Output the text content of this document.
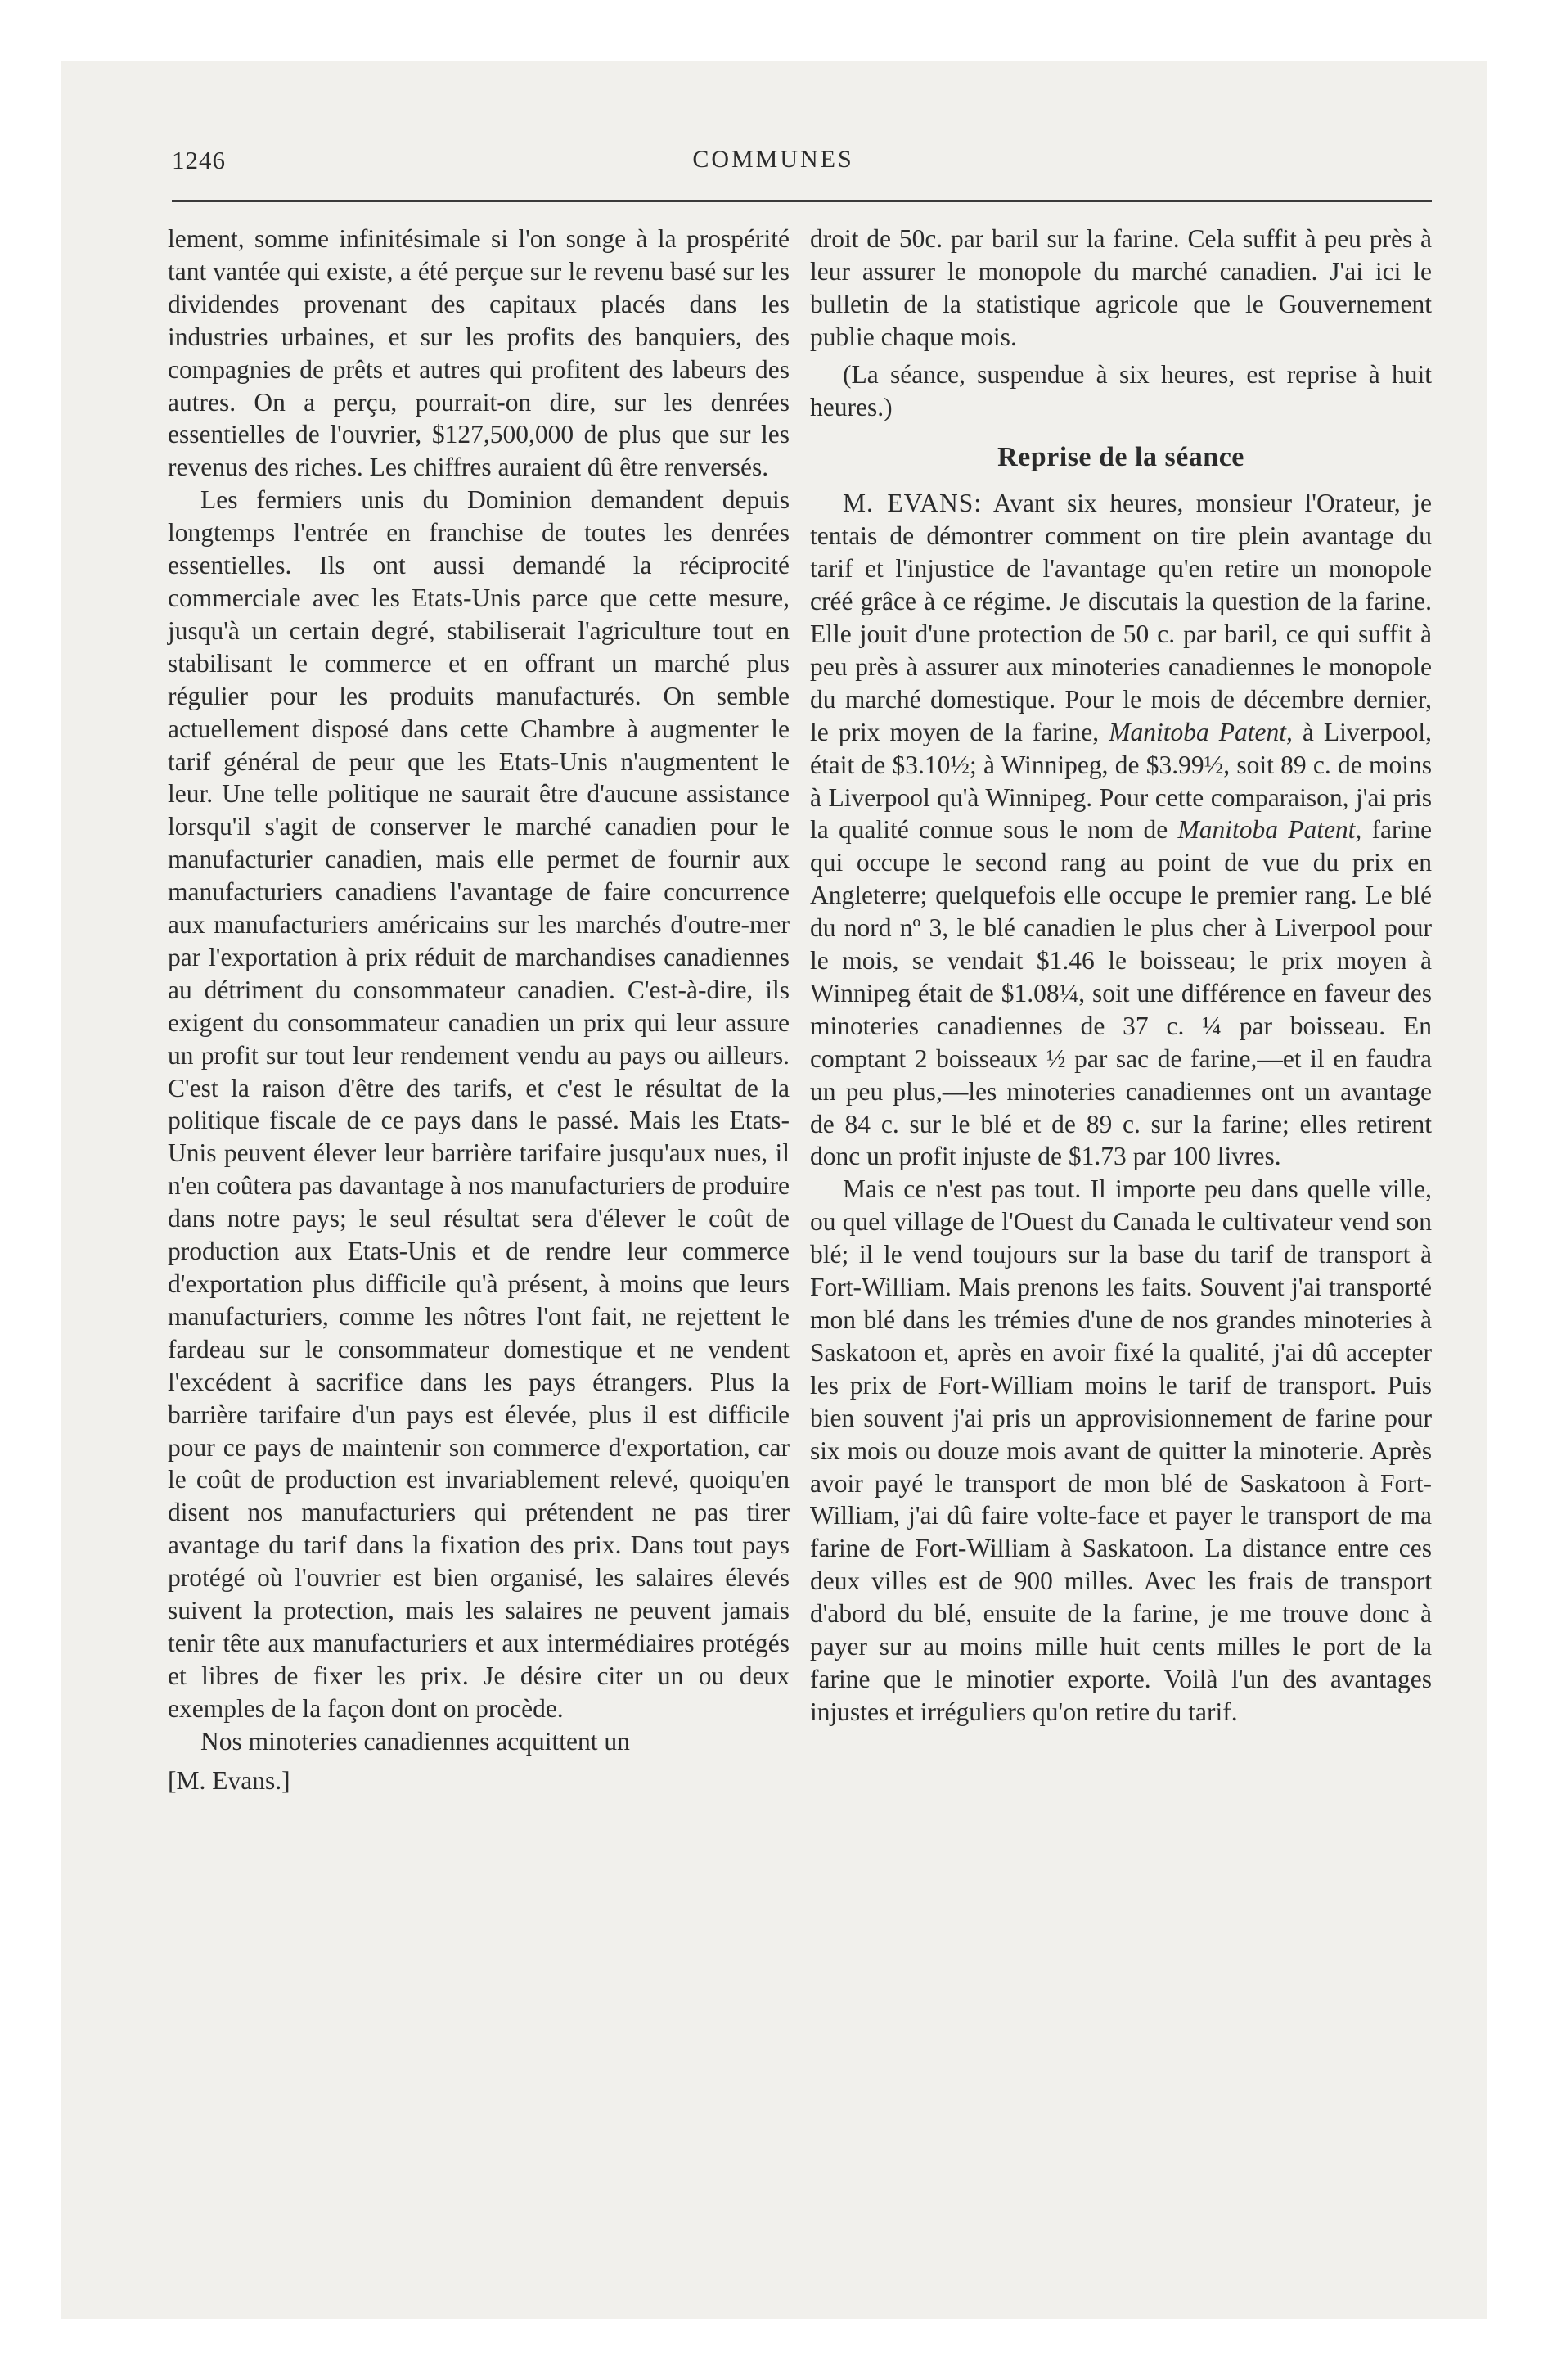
1246	COMMUNES

lement, somme infinitésimale si l'on songe à la prospérité tant vantée qui existe, a été perçue sur le revenu basé sur les dividendes provenant des capitaux placés dans les industries urbaines, et sur les profits des banquiers, des compagnies de prêts et autres qui profitent des labeurs des autres. On a perçu, pourrait-on dire, sur les denrées essentielles de l'ouvrier, $127,500,000 de plus que sur les revenus des riches. Les chiffres auraient dû être renversés.

Les fermiers unis du Dominion demandent depuis longtemps l'entrée en franchise de toutes les denrées essentielles. Ils ont aussi demandé la réciprocité commerciale avec les Etats-Unis parce que cette mesure, jusqu'à un certain degré, stabiliserait l'agriculture tout en stabilisant le commerce et en offrant un marché plus régulier pour les produits manufacturés. On semble actuellement disposé dans cette Chambre à augmenter le tarif général de peur que les Etats-Unis n'augmentent le leur. Une telle politique ne saurait être d'aucune assistance lorsqu'il s'agit de conserver le marché canadien pour le manufacturier canadien, mais elle permet de fournir aux manufacturiers canadiens l'avantage de faire concurrence aux manufacturiers américains sur les marchés d'outre-mer par l'exportation à prix réduit de marchandises canadiennes au détriment du consommateur canadien. C'est-à-dire, ils exigent du consommateur canadien un prix qui leur assure un profit sur tout leur rendement vendu au pays ou ailleurs. C'est la raison d'être des tarifs, et c'est le résultat de la politique fiscale de ce pays dans le passé. Mais les Etats-Unis peuvent élever leur barrière tarifaire jusqu'aux nues, il n'en coûtera pas davantage à nos manufacturiers de produire dans notre pays; le seul résultat sera d'élever le coût de production aux Etats-Unis et de rendre leur commerce d'exportation plus difficile qu'à présent, à moins que leurs manufacturiers, comme les nôtres l'ont fait, ne rejettent le fardeau sur le consommateur domestique et ne vendent l'excédent à sacrifice dans les pays étrangers. Plus la barrière tarifaire d'un pays est élevée, plus il est difficile pour ce pays de maintenir son commerce d'exportation, car le coût de production est invariablement relevé, quoiqu'en disent nos manufacturiers qui prétendent ne pas tirer avantage du tarif dans la fixation des prix. Dans tout pays protégé où l'ouvrier est bien organisé, les salaires élevés suivent la protection, mais les salaires ne peuvent jamais tenir tête aux manufacturiers et aux intermédiaires protégés et libres de fixer les prix. Je désire citer un ou deux exemples de la façon dont on procède.

Nos minoteries canadiennes acquittent un

[M. Evans.]

droit de 50c. par baril sur la farine. Cela suffit à peu près à leur assurer le monopole du marché canadien. J'ai ici le bulletin de la statistique agricole que le Gouvernement publie chaque mois.

(La séance, suspendue à six heures, est reprise à huit heures.)

Reprise de la séance

M. EVANS: Avant six heures, monsieur l'Orateur, je tentais de démontrer comment on tire plein avantage du tarif et l'injustice de l'avantage qu'en retire un monopole créé grâce à ce régime. Je discutais la question de la farine. Elle jouit d'une protection de 50 c. par baril, ce qui suffit à peu près à assurer aux minoteries canadiennes le monopole du marché domestique. Pour le mois de décembre dernier, le prix moyen de la farine, Manitoba Patent, à Liverpool, était de $3.10½; à Winnipeg, de $3.99½, soit 89 c. de moins à Liverpool qu'à Winnipeg. Pour cette comparaison, j'ai pris la qualité connue sous le nom de Manitoba Patent, farine qui occupe le second rang au point de vue du prix en Angleterre; quelquefois elle occupe le premier rang. Le blé du nord nº 3, le blé canadien le plus cher à Liverpool pour le mois, se vendait $1.46 le boisseau; le prix moyen à Winnipeg était de $1.08¼, soit une différence en faveur des minoteries canadiennes de 37 c. ¼ par boisseau. En comptant 2 boisseaux ½ par sac de farine,—et il en faudra un peu plus,—les minoteries canadiennes ont un avantage de 84 c. sur le blé et de 89 c. sur la farine; elles retirent donc un profit injuste de $1.73 par 100 livres.

Mais ce n'est pas tout. Il importe peu dans quelle ville, ou quel village de l'Ouest du Canada le cultivateur vend son blé; il le vend toujours sur la base du tarif de transport à Fort-William. Mais prenons les faits. Souvent j'ai transporté mon blé dans les trémies d'une de nos grandes minoteries à Saskatoon et, après en avoir fixé la qualité, j'ai dû accepter les prix de Fort-William moins le tarif de transport. Puis bien souvent j'ai pris un approvisionnement de farine pour six mois ou douze mois avant de quitter la minoterie. Après avoir payé le transport de mon blé de Saskatoon à Fort-William, j'ai dû faire volte-face et payer le transport de ma farine de Fort-William à Saskatoon. La distance entre ces deux villes est de 900 milles. Avec les frais de transport d'abord du blé, ensuite de la farine, je me trouve donc à payer sur au moins mille huit cents milles le port de la farine que le minotier exporte. Voilà l'un des avantages injustes et irréguliers qu'on retire du tarif.
